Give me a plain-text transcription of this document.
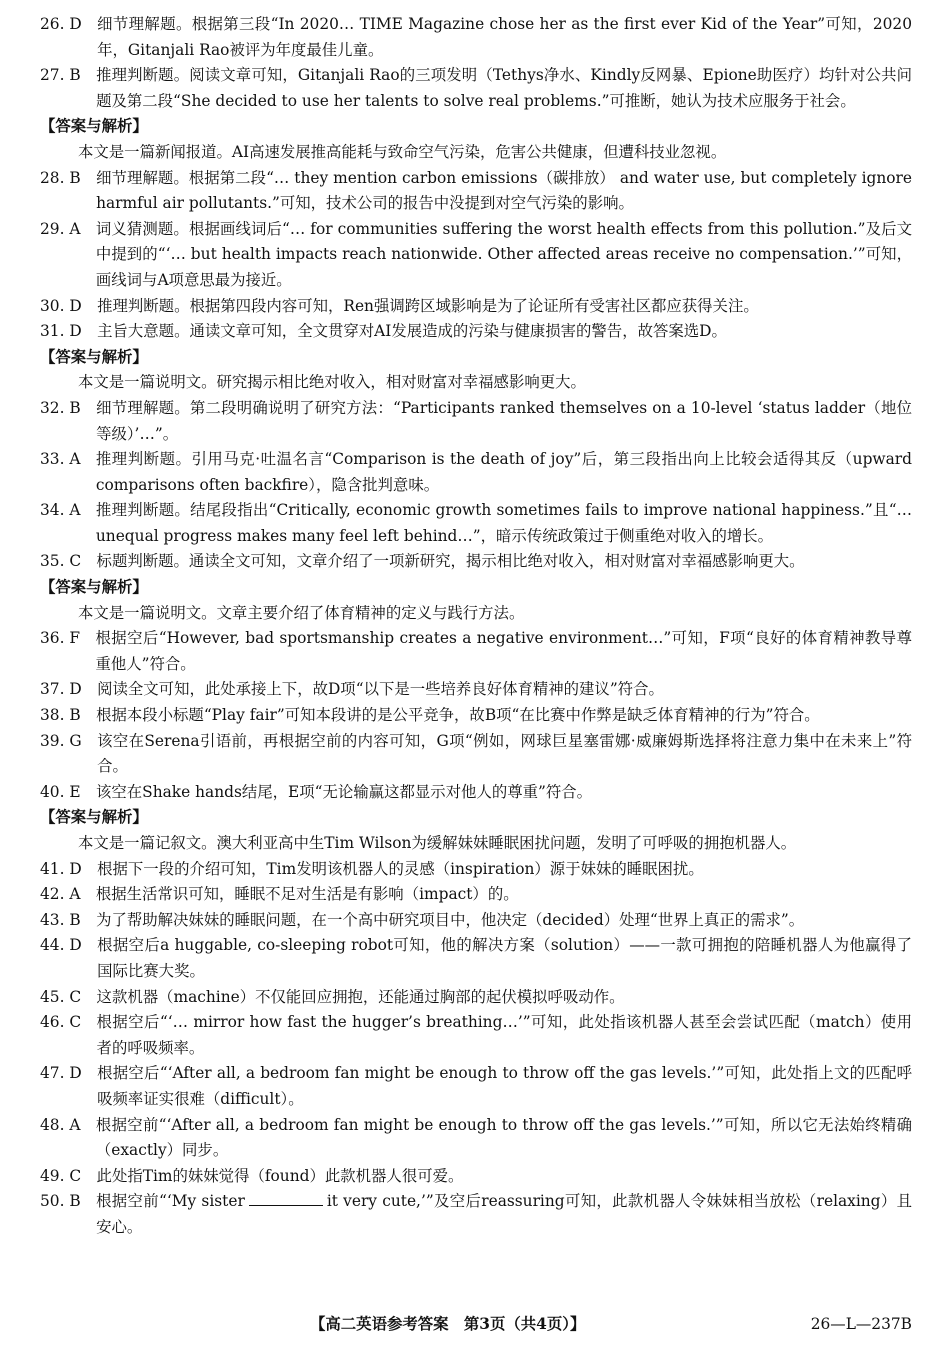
26. D　 细节理解题。根据第三段“In 2020… TIME Magazine chose her as the first ever Kid of the Year”可知，2020年，Gitanjali Rao被评为年度最佳儿童。
27. B　 推理判断题。阅读文章可知，Gitanjali Rao的三项发明（Tethys净水、Kindly反网暴、Epione助医疗）均针对公共问题及第二段“She decided to use her talents to solve real problems.”可推断，她认为技术应服务于社会。
【答案与解析】
本文是一篇新闻报道。AI高速发展推高能耗与致命空气污染，危害公共健康，但遭科技业忽视。
28. B　 细节理解题。根据第二段“… they mention carbon emissions（碳排放） and water use, but completely ignore harmful air pollutants.”可知，技术公司的报告中没提到对空气污染的影响。
29. A　 词义猜测题。根据画线词后“… for communities suffering the worst health effects from this pollution.”及后文中提到的“‘… but health impacts reach nationwide. Other affected areas receive no compensation.’”可知，画线词与A项意思最为接近。
30. D　 推理判断题。根据第四段内容可知，Ren强调跨区域影响是为了论证所有受害社区都应获得关注。
31. D　 主旨大意题。通读文章可知，全文贯穿对AI发展造成的污染与健康损害的警告，故答案选D。
【答案与解析】
本文是一篇说明文。研究揭示相比绝对收入，相对财富对幸福感影响更大。
32. B　 细节理解题。第二段明确说明了研究方法：“Participants ranked themselves on a 10-level ‘status ladder（地位等级）’…”。
33. A　 推理判断题。引用马克·吐温名言“Comparison is the death of joy”后，第三段指出向上比较会适得其反（upward comparisons often backfire），隐含批判意味。
34. A　 推理判断题。结尾段指出“Critically, economic growth sometimes fails to improve national happiness.”且“… unequal progress makes many feel left behind…”，暗示传统政策过于侧重绝对收入的增长。
35. C　 标题判断题。通读全文可知，文章介绍了一项新研究，揭示相比绝对收入，相对财富对幸福感影响更大。
【答案与解析】
本文是一篇说明文。文章主要介绍了体育精神的定义与践行方法。
36. F　 根据空后“However, bad sportsmanship creates a negative environment…”可知，F项“良好的体育精神教导尊重他人”符合。
37. D　 阅读全文可知，此处承接上下，故D项“以下是一些培养良好体育精神的建议”符合。
38. B　 根据本段小标题“Play fair”可知本段讲的是公平竞争，故B项“在比赛中作弊是缺乏体育精神的行为”符合。
39. G　 该空在Serena引语前，再根据空前的内容可知，G项“例如，网球巨星塞雷娜·威廉姆斯选择将注意力集中在未来上”符合。
40. E　 该空在Shake hands结尾，E项“无论输赢这都显示对他人的尊重”符合。
【答案与解析】
本文是一篇记叙文。澳大利亚高中生Tim Wilson为缓解妹妹睡眠困扰问题，发明了可呼吸的拥抱机器人。
41. D　 根据下一段的介绍可知，Tim发明该机器人的灵感（inspiration）源于妹妹的睡眠困扰。
42. A　 根据生活常识可知，睡眠不足对生活是有影响（impact）的。
43. B　 为了帮助解决妹妹的睡眠问题，在一个高中研究项目中，他决定（decided）处理“世界上真正的需求”。
44. D　 根据空后a huggable, co-sleeping robot可知，他的解决方案（solution）——一款可拥抱的陪睡机器人为他赢得了国际比赛大奖。
45. C　 这款机器（machine）不仅能回应拥抱，还能通过胸部的起伏模拟呼吸动作。
46. C　 根据空后“‘… mirror how fast the hugger’s breathing…’”可知，此处指该机器人甚至会尝试匹配（match）使用者的呼吸频率。
47. D　 根据空后“‘After all, a bedroom fan might be enough to throw off the gas levels.’”可知，此处指上文的匹配呼吸频率证实很难（difficult）。
48. A　 根据空前“‘After all, a bedroom fan might be enough to throw off the gas levels.’”可知，所以它无法始终精确（exactly）同步。
49. C　 此处指Tim的妹妹觉得（found）此款机器人很可爱。
50. B　 根据空前“‘My sister	it very cute,’”及空后reassuring可知，此款机器人令妹妹相当放松（relaxing）且安心。
【高二英语参考答案　第3页（共4页）】	26—L—237B
